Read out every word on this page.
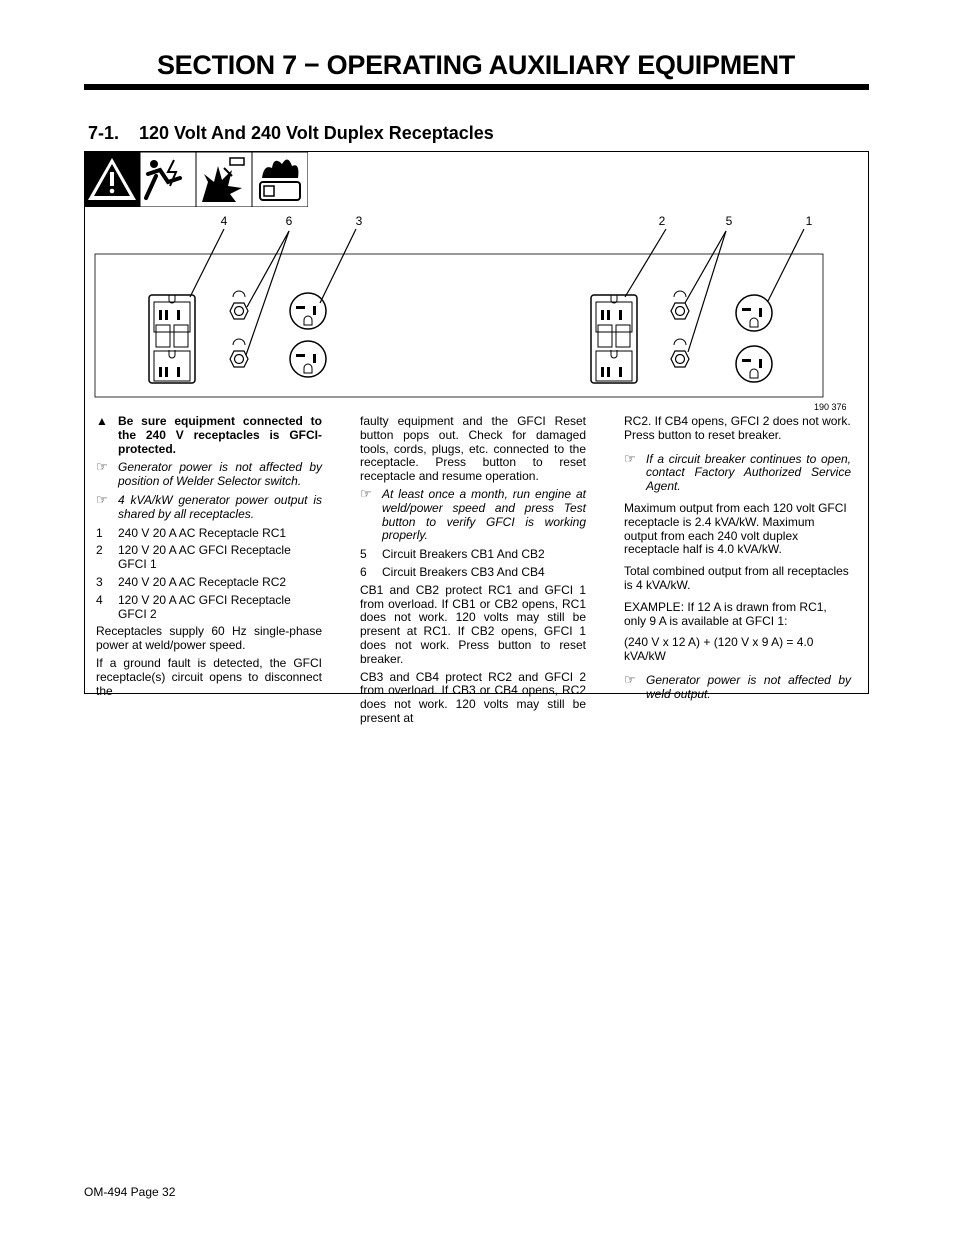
SECTION 7 − OPERATING AUXILIARY EQUIPMENT
7-1. 120 Volt And 240 Volt Duplex Receptacles
4	6	3	2	5	1
190 376
▲ Be sure equipment connected to the 240 V receptacles is GFCI-protected.
☞ Generator power is not affected by position of Welder Selector switch.
☞ 4 kVA/kW generator power output is shared by all receptacles.
1 240 V 20 A AC Receptacle RC1
2 120 V 20 A AC GFCI Receptacle GFCI 1
3 240 V 20 A AC Receptacle RC2
4 120 V 20 A AC GFCI Receptacle GFCI 2

Receptacles supply 60 Hz single-phase power at weld/power speed.

If a ground fault is detected, the GFCI receptacle(s) circuit opens to disconnect the

faulty equipment and the GFCI Reset button pops out. Check for damaged tools, cords, plugs, etc. connected to the receptacle. Press button to reset receptacle and resume operation.

☞ At least once a month, run engine at weld/power speed and press Test button to verify GFCI is working properly.
5 Circuit Breakers CB1 And CB2
6 Circuit Breakers CB3 And CB4

CB1 and CB2 protect RC1 and GFCI 1 from overload. If CB1 or CB2 opens, RC1 does not work. 120 volts may still be present at RC1. If CB2 opens, GFCI 1 does not work. Press button to reset breaker.

CB3 and CB4 protect RC2 and GFCI 2 from overload. If CB3 or CB4 opens, RC2 does not work. 120 volts may still be present at

RC2. If CB4 opens, GFCI 2 does not work. Press button to reset breaker.

☞ If a circuit breaker continues to open, contact Factory Authorized Service Agent.

Maximum output from each 120 volt GFCI receptacle is 2.4 kVA/kW. Maximum output from each 240 volt duplex receptacle half is 4.0 kVA/kW.

Total combined output from all receptacles is 4 kVA/kW.

EXAMPLE: If 12 A is drawn from RC1, only 9 A is available at GFCI 1:

(240 V x 12 A) + (120 V x 9 A) = 4.0 kVA/kW

☞ Generator power is not affected by weld output.
OM-494 Page 32
